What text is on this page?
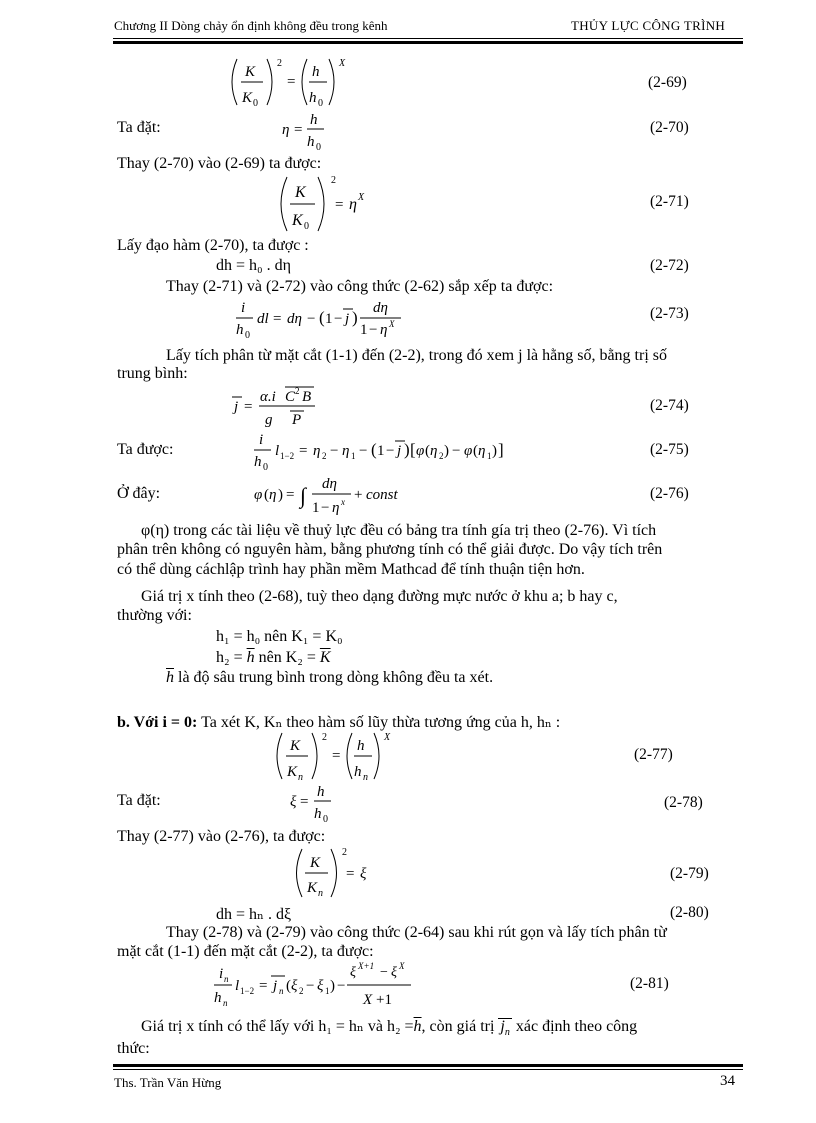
Chương II Dòng chảy ổn định không đều trong kênh	THỦY LỰC CÔNG TRÌNH
K
K 0
2
=
h
h 0
X
(2-69)
Ta đặt:	η =
h
h 0
(2-70)
Thay (2-70) vào (2-69) ta được:
K
K 0
2
= η X	(2-71)
Lấy đạo hàm (2-70), ta được :
dh = h₀ . dη	(2-72)
Thay (2-71) và (2-72) vào công thức (2-62) sắp xếp ta được:
i
h 0
dl = dη − ( 1 − j ) dη
1 − η X
(2-73)
Lấy tích phân từ mặt cắt (1-1) đến (2-2), trong đó xem j là hằng số, bằng trị số
trung bình:
j =
α.i C 2 B
g P
(2-74)
Ta được:
i
h 0
l 1−2 = η 2 − η 1 − ( 1 − j ) [ φ ( η 2 ) − φ ( η 1 ) ]	(2-75)
Ở đây:	φ ( η ) = ∫ dη
1 − η x + const	(2-76)
φ(η) trong các tài liệu về thuỷ lực đều có bảng tra tính gía trị theo (2-76). Vì tích
phân trên không có nguyên hàm, bằng phương tính có thể giải được. Do vậy tích trên
có thể dùng cáchlập trình hay phần mềm Mathcad để tính thuận tiện hơn.
Giá trị x tính theo (2-68), tuỳ theo dạng đường mực nước ở khu a; b hay c,
thường với:
h₁ = h₀ nên K₁ = K₀
$h_2 = \overline{h}$ nên $K_2 = \overline{K}$
$\overline{h}$ là độ sâu trung bình trong dòng không đều ta xét.
b. Với i = 0: Ta xét K, Kₙ theo hàm số lũy thừa tương ứng của h, hₙ :
K
K n
2
=
h
h n
X
(2-77)
Ta đặt:	ξ =
h
h 0
(2-78)
Thay (2-77) vào (2-76), ta được:
K
K n
2
= ξ	(2-79)
dh = hₙ . dξ	(2-80)
Thay (2-78) và (2-79) vào công thức (2-64) sau khi rút gọn và lấy tích phân từ
mặt cắt (1-1) đến mặt cắt (2-2), ta được:
i n
h n
l 1−2 = j n ( ξ 2 − ξ 1 ) −
ξ X+1 − ξ X
X +1
(2-81)
Giá trị x tính có thể lấy với h₁ = hₙ và $h_2 =\overline{h}$, còn giá trị $j_n$ xác định theo công
thức:
Ths. Trần Văn Hừng	34
